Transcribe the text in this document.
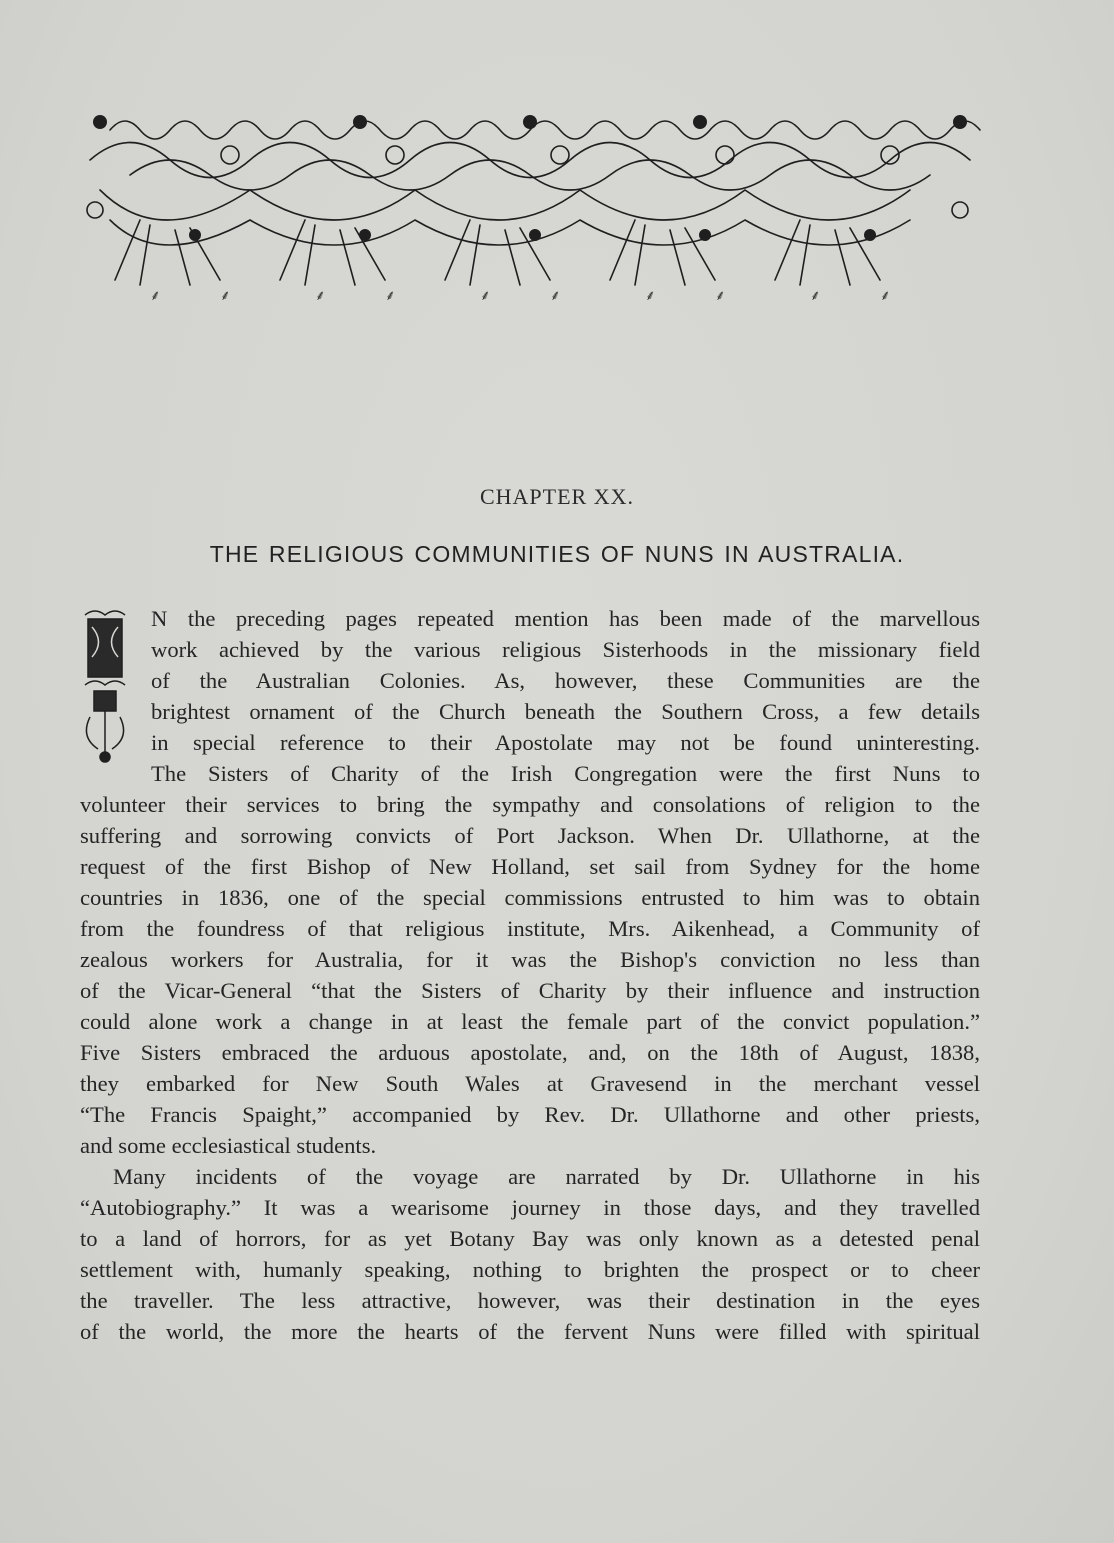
⸙	⸙	⸙	⸙	⸙	⸙	⸙	⸙	⸙	⸙
CHAPTER XX.
THE RELIGIOUS COMMUNITIES OF NUNS IN AUSTRALIA.
N the preceding pages repeated mention has been made of the marvellous
work achieved by the various religious Sisterhoods in the missionary field
of the Australian Colonies. As, however, these Communities are the
brightest ornament of the Church beneath the Southern Cross, a few details
in special reference to their Apostolate may not be found uninteresting.
The Sisters of Charity of the Irish Congregation were the first Nuns to
volunteer their services to bring the sympathy and consolations of religion to the
suffering and sorrowing convicts of Port Jackson. When Dr. Ullathorne, at the
request of the first Bishop of New Holland, set sail from Sydney for the home
countries in 1836, one of the special commissions entrusted to him was to obtain
from the foundress of that religious institute, Mrs. Aikenhead, a Community of
zealous workers for Australia, for it was the Bishop's conviction no less than
of the Vicar-General “that the Sisters of Charity by their influence and instruction
could alone work a change in at least the female part of the convict population.”
Five Sisters embraced the arduous apostolate, and, on the 18th of August, 1838,
they embarked for New South Wales at Gravesend in the merchant vessel
“The Francis Spaight,” accompanied by Rev. Dr. Ullathorne and other priests,
and some ecclesiastical students.
Many incidents of the voyage are narrated by Dr. Ullathorne in his
“Autobiography.” It was a wearisome journey in those days, and they travelled
to a land of horrors, for as yet Botany Bay was only known as a detested penal
settlement with, humanly speaking, nothing to brighten the prospect or to cheer
the traveller. The less attractive, however, was their destination in the eyes
of the world, the more the hearts of the fervent Nuns were filled with spiritual
